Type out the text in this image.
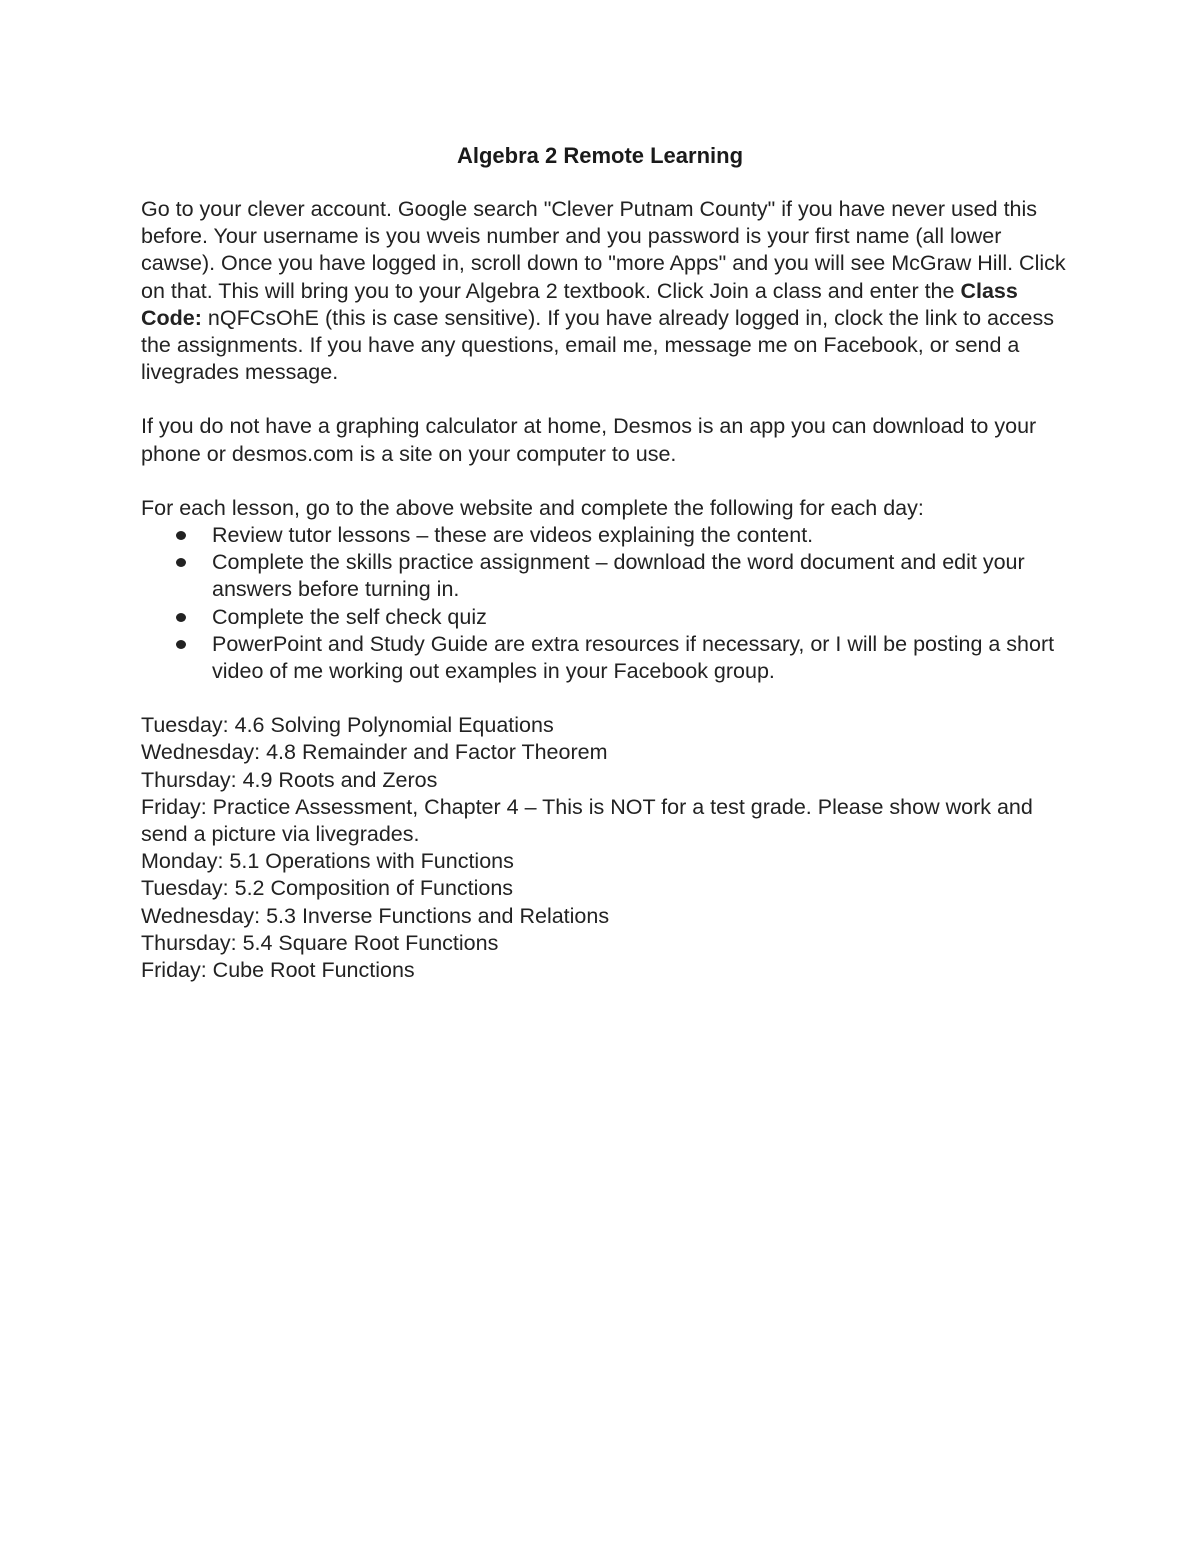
Algebra 2 Remote Learning

Go to your clever account. Google search "Clever Putnam County" if you have never used this before. Your username is you wveis number and you password is your first name (all lower cawse). Once you have logged in, scroll down to "more Apps" and you will see McGraw Hill. Click on that. This will bring you to your Algebra 2 textbook. Click Join a class and enter the Class Code: nQFCsOhE (this is case sensitive). If you have already logged in, clock the link to access the assignments. If you have any questions, email me, message me on Facebook, or send a livegrades message.

If you do not have a graphing calculator at home, Desmos is an app you can download to your phone or desmos.com is a site on your computer to use.

For each lesson, go to the above website and complete the following for each day:

Review tutor lessons – these are videos explaining the content.
Complete the skills practice assignment – download the word document and edit your answers before turning in.
Complete the self check quiz
PowerPoint and Study Guide are extra resources if necessary, or I will be posting a short video of me working out examples in your Facebook group.
Tuesday: 4.6 Solving Polynomial Equations
Wednesday: 4.8 Remainder and Factor Theorem
Thursday: 4.9 Roots and Zeros
Friday: Practice Assessment, Chapter 4 – This is NOT for a test grade. Please show work and send a picture via livegrades.
Monday: 5.1 Operations with Functions
Tuesday: 5.2 Composition of Functions
Wednesday: 5.3 Inverse Functions and Relations
Thursday: 5.4 Square Root Functions
Friday: Cube Root Functions
